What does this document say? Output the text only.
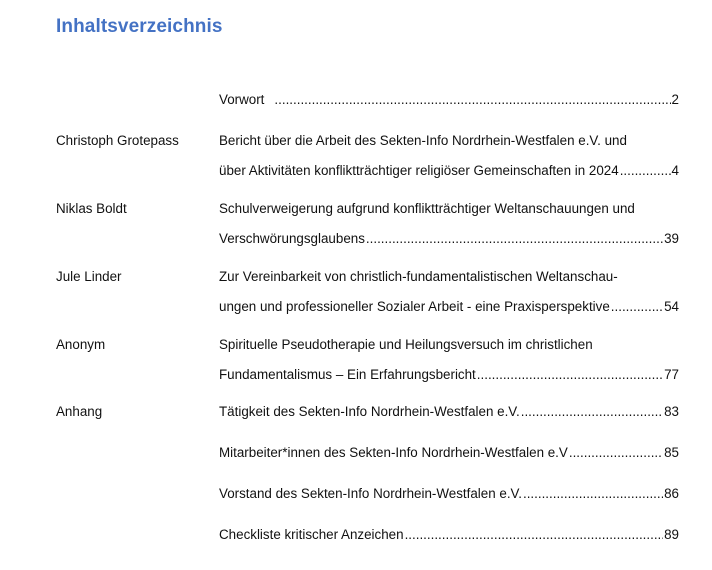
Inhaltsverzeichnis
Vorwort .....	2
Christoph Grotepass	Bericht über die Arbeit des Sekten-Info Nordrhein-Westfalen e.V. und
über Aktivitäten konfliktträchtiger religiöser Gemeinschaften in 2024 .....	4
Niklas Boldt	Schulverweigerung aufgrund konfliktträchtiger Weltanschauungen und
Verschwörungsglaubens .....	39
Jule Linder	Zur Vereinbarkeit von christlich-fundamentalistischen Weltanschau-
ungen und professioneller Sozialer Arbeit - eine Praxisperspektive .....	54
Anonym	Spirituelle Pseudotherapie und Heilungsversuch im christlichen
Fundamentalismus – Ein Erfahrungsbericht .....	77
Anhang	Tätigkeit des Sekten-Info Nordrhein-Westfalen e.V. .....	83
Mitarbeiter*innen des Sekten-Info Nordrhein-Westfalen e.V .....	85
Vorstand des Sekten-Info Nordrhein-Westfalen e.V. .....	86
Checkliste kritischer Anzeichen .....	89
